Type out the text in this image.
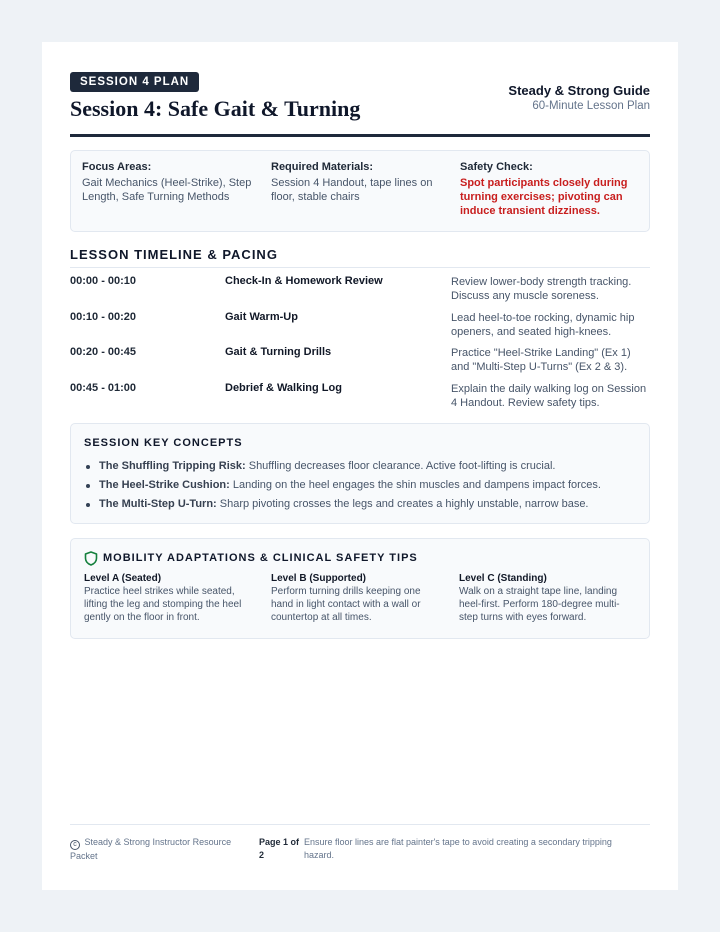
SESSION 4 PLAN
Session 4: Safe Gait & Turning
Steady & Strong Guide
60-Minute Lesson Plan
Focus Areas:

Gait Mechanics (Heel-Strike), Step Length, Safe Turning Methods

Required Materials:

Session 4 Handout, tape lines on floor, stable chairs

Safety Check:

Spot participants closely during turning exercises; pivoting can induce transient dizziness.

LESSON TIMELINE & PACING
00:00 - 00:10	Check-In & Homework Review	Review lower-body strength tracking. Discuss any muscle soreness.
00:10 - 00:20	Gait Warm-Up	Lead heel-to-toe rocking, dynamic hip openers, and seated high-knees.
00:20 - 00:45	Gait & Turning Drills	Practice "Heel-Strike Landing" (Ex 1) and "Multi-Step U-Turns" (Ex 2 & 3).
00:45 - 01:00	Debrief & Walking Log	Explain the daily walking log on Session 4 Handout. Review safety tips.
SESSION KEY CONCEPTS
The Shuffling Tripping Risk: Shuffling decreases floor clearance. Active foot-lifting is crucial.
The Heel-Strike Cushion: Landing on the heel engages the shin muscles and dampens impact forces.
The Multi-Step U-Turn: Sharp pivoting crosses the legs and creates a highly unstable, narrow base.
MOBILITY ADAPTATIONS & CLINICAL SAFETY TIPS
Level A (Seated)

Practice heel strikes while seated, lifting the leg and stomping the heel gently on the floor in front.

Level B (Supported)

Perform turning drills keeping one hand in light contact with a wall or countertop at all times.

Level C (Standing)

Walk on a straight tape line, landing heel-first. Perform 180-degree multi-step turns with eyes forward.

c Steady & Strong Instructor Resource Packet
Page 1 of 2
Ensure floor lines are flat painter's tape to avoid creating a secondary tripping hazard.
